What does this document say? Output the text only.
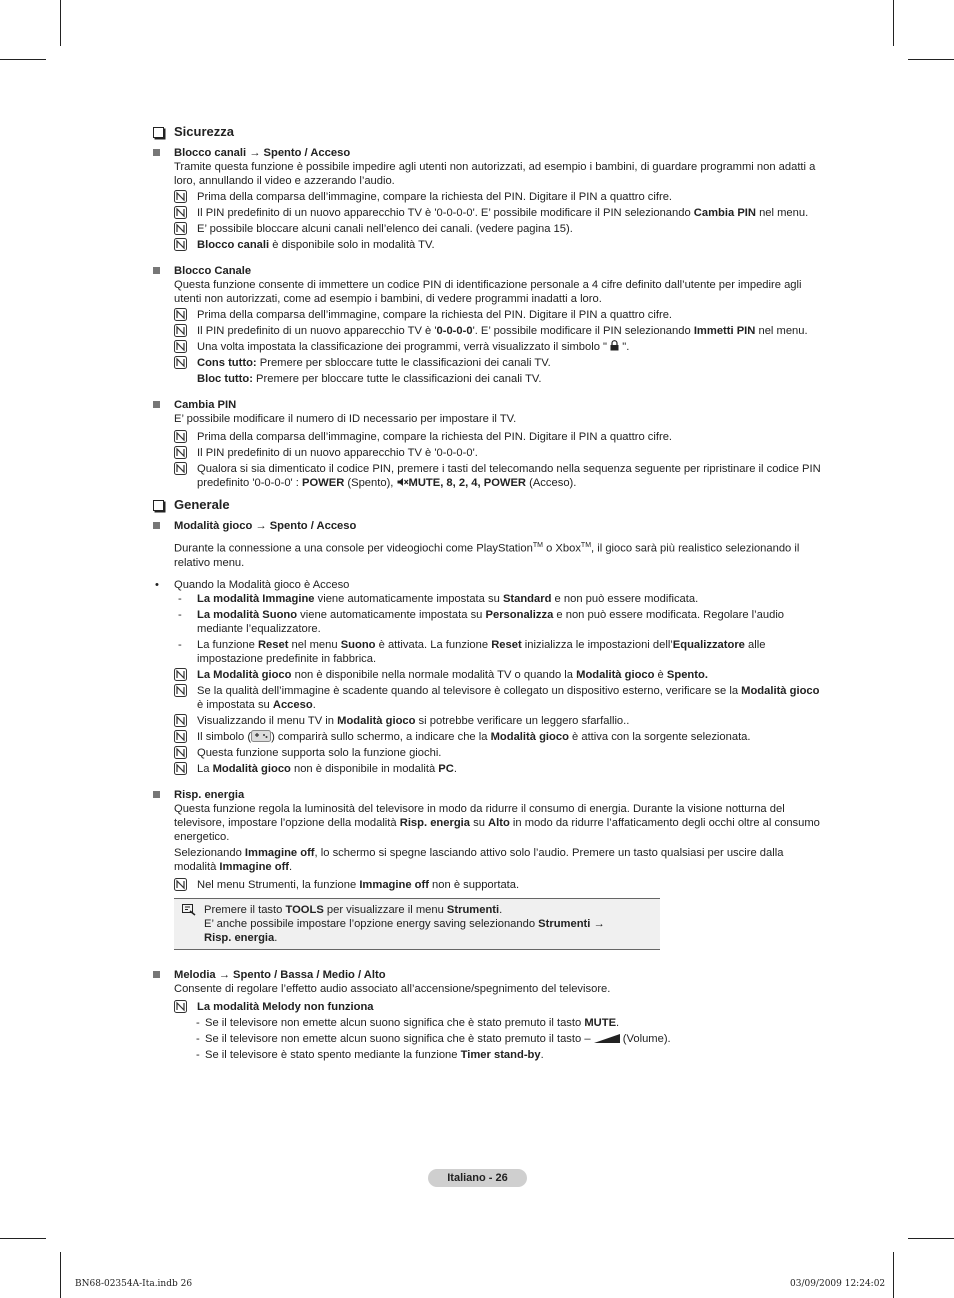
Sicurezza
Blocco canali → Spento / Acceso
Tramite questa funzione è possibile impedire agli utenti non autorizzati, ad esempio i bambini, di guardare programmi non adatti a loro, annullando il video e azzerando l’audio.
Prima della comparsa dell’immagine, compare la richiesta del PIN. Digitare il PIN a quattro cifre.
Il PIN predefinito di un nuovo apparecchio TV è '0-0-0-0'. E’ possibile modificare il PIN selezionando Cambia PIN nel menu.
E’ possibile bloccare alcuni canali nell’elenco dei canali. (vedere pagina 15).
Blocco canali è disponibile solo in modalità TV.
Blocco Canale
Questa funzione consente di immettere un codice PIN di identificazione personale a 4 cifre definito dall’utente per impedire agli utenti non autorizzati, come ad esempio i bambini, di vedere programmi inadatti a loro.
Prima della comparsa dell’immagine, compare la richiesta del PIN. Digitare il PIN a quattro cifre.
Il PIN predefinito di un nuovo apparecchio TV è '0-0-0-0'. E’ possibile modificare il PIN selezionando Immetti PIN nel menu.
Una volta impostata la classificazione dei programmi, verrà visualizzato il simbolo "  ".
Cons tutto: Premere per sbloccare tutte le classificazioni dei canali TV.
Bloc tutto: Premere per bloccare tutte le classificazioni dei canali TV.
Cambia PIN
E’ possibile modificare il numero di ID necessario per impostare il TV.
Prima della comparsa dell’immagine, compare la richiesta del PIN. Digitare il PIN a quattro cifre.
Il PIN predefinito di un nuovo apparecchio TV è '0-0-0-0'.
Qualora si sia dimenticato il codice PIN, premere i tasti del telecomando nella sequenza seguente per ripristinare il codice PIN predefinito '0-0-0-0' : POWER (Spento), MUTE, 8, 2, 4, POWER (Acceso).
Generale
Modalità gioco → Spento / Acceso
Durante la connessione a una console per videogiochi come PlayStation™ o Xbox™, il gioco sarà più realistico selezionando il relativo menu.
• Quando la Modalità gioco è Acceso
- La modalità Immagine viene automaticamente impostata su Standard e non può essere modificata.
- La modalità Suono viene automaticamente impostata su Personalizza e non può essere modificata. Regolare l’audio mediante l’equalizzatore.
- La funzione Reset nel menu Suono è attivata. La funzione Reset inizializza le impostazioni dell’Equalizzatore alle impostazione predefinite in fabbrica.
La Modalità gioco non è disponibile nella normale modalità TV o quando la Modalità gioco è Spento.
Se la qualità dell’immagine è scadente quando al televisore è collegato un dispositivo esterno, verificare se la Modalità gioco è impostata su Acceso.
Visualizzando il menu TV in Modalità gioco si potrebbe verificare un leggero sfarfallio..
Il simbolo ( ) comparirà sullo schermo, a indicare che la Modalità gioco è attiva con la sorgente selezionata.
Questa funzione supporta solo la funzione giochi.
La Modalità gioco non è disponibile in modalità PC.
Risp. energia
Questa funzione regola la luminosità del televisore in modo da ridurre il consumo di energia. Durante la visione notturna del televisore, impostare l’opzione della modalità Risp. energia su Alto in modo da ridurre l’affaticamento degli occhi oltre al consumo energetico.
Selezionando Immagine off, lo schermo si spegne lasciando attivo solo l’audio. Premere un tasto qualsiasi per uscire dalla modalità Immagine off.
Nel menu Strumenti, la funzione Immagine off non è supportata.
Premere il tasto TOOLS per visualizzare il menu Strumenti.
E’ anche possibile impostare l’opzione energy saving selezionando Strumenti →
Risp. energia.
Melodia → Spento / Bassa / Medio / Alto
Consente di regolare l’effetto audio associato all’accensione/spegnimento del televisore.
La modalità Melody non funziona
- Se il televisore non emette alcun suono significa che è stato premuto il tasto MUTE.
- Se il televisore non emette alcun suono significa che è stato premuto il tasto –  (Volume).
- Se il televisore è stato spento mediante la funzione Timer stand-by.
Italiano - 26
BN68-02354A-Ita.indb 26	03/09/2009 12:24:02
